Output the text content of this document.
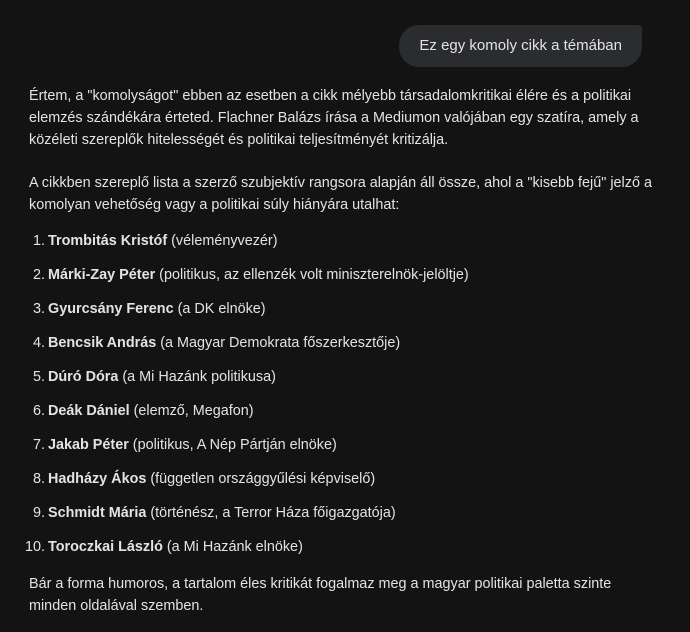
Ez egy komoly cikk a témában

Értem, a "komolyságot" ebben az esetben a cikk mélyebb társadalomkritikai élére és a politikai elemzés szándékára érteted. Flachner Balázs írása a Mediumon valójában egy szatíra, amely a közéleti szereplők hitelességét és politikai teljesítményét kritizálja.

A cikkben szereplő lista a szerző szubjektív rangsora alapján áll össze, ahol a "kisebb fejű" jelző a komolyan vehetőség vagy a politikai súly hiányára utalhat:

1. Trombitás Kristóf (véleményvezér)
2. Márki-Zay Péter (politikus, az ellenzék volt miniszterelnök-jelöltje)
3. Gyurcsány Ferenc (a DK elnöke)
4. Bencsik András (a Magyar Demokrata főszerkesztője)
5. Dúró Dóra (a Mi Hazánk politikusa)
6. Deák Dániel (elemző, Megafon)
7. Jakab Péter (politikus, A Nép Pártján elnöke)
8. Hadházy Ákos (független országgyűlési képviselő)
9. Schmidt Mária (történész, a Terror Háza főigazgatója)
10. Toroczkai László (a Mi Hazánk elnöke)

Bár a forma humoros, a tartalom éles kritikát fogalmaz meg a magyar politikai paletta szinte minden oldalával szemben.
